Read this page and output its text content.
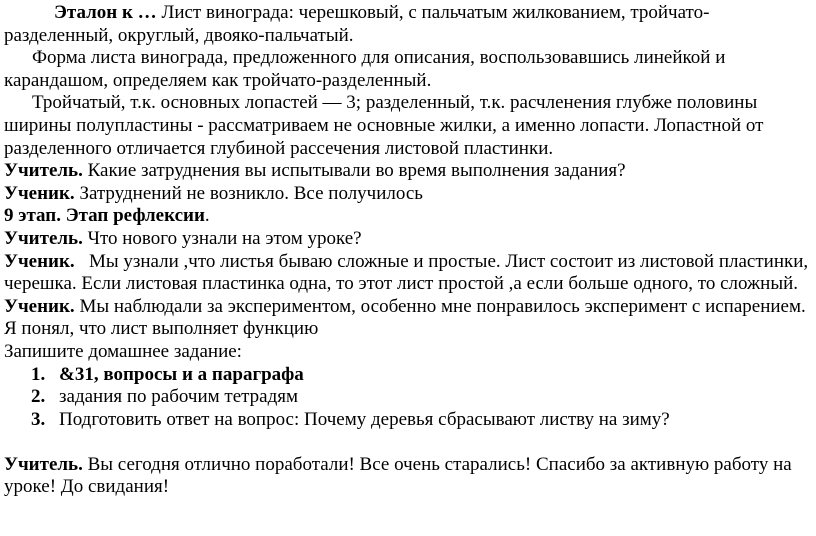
Эталон к … Лист винограда: черешковый, с пальчатым жилкованием, тройчато-разделенный, округлый, двояко-пальчатый.

Форма листа винограда, предложенного для описания, воспользовавшись линейкой и карандашом, определяем как тройчато-разделенный.

Тройчатый, т.к. основных лопастей — 3; разделенный, т.к. расчленения глубже половины ширины полупластины - рассматриваем не основные жилки, а именно лопасти. Лопастной от разделенного отличается глубиной рассечения листовой пластинки.

Учитель. Какие затруднения вы испытывали во время выполнения задания?

Ученик. Затруднений не возникло. Все получилось

9 этап. Этап рефлексии.

Учитель. Что нового узнали на этом уроке?

Ученик.   Мы узнали ,что листья бываю сложные и простые. Лист состоит из листовой пластинки, черешка. Если листовая пластинка одна, то этот лист простой ,а если больше одного, то сложный.

Ученик. Мы наблюдали за экспериментом, особенно мне понравилось эксперимент с испарением. Я понял, что лист выполняет функцию

Запишите домашнее задание:

1. &31, вопросы и а параграфа
2. задания по рабочим тетрадям
3. Подготовить ответ на вопрос: Почему деревья сбрасывают листву на зиму?

Учитель. Вы сегодня отлично поработали! Все очень старались! Спасибо за активную работу на уроке! До свидания!
